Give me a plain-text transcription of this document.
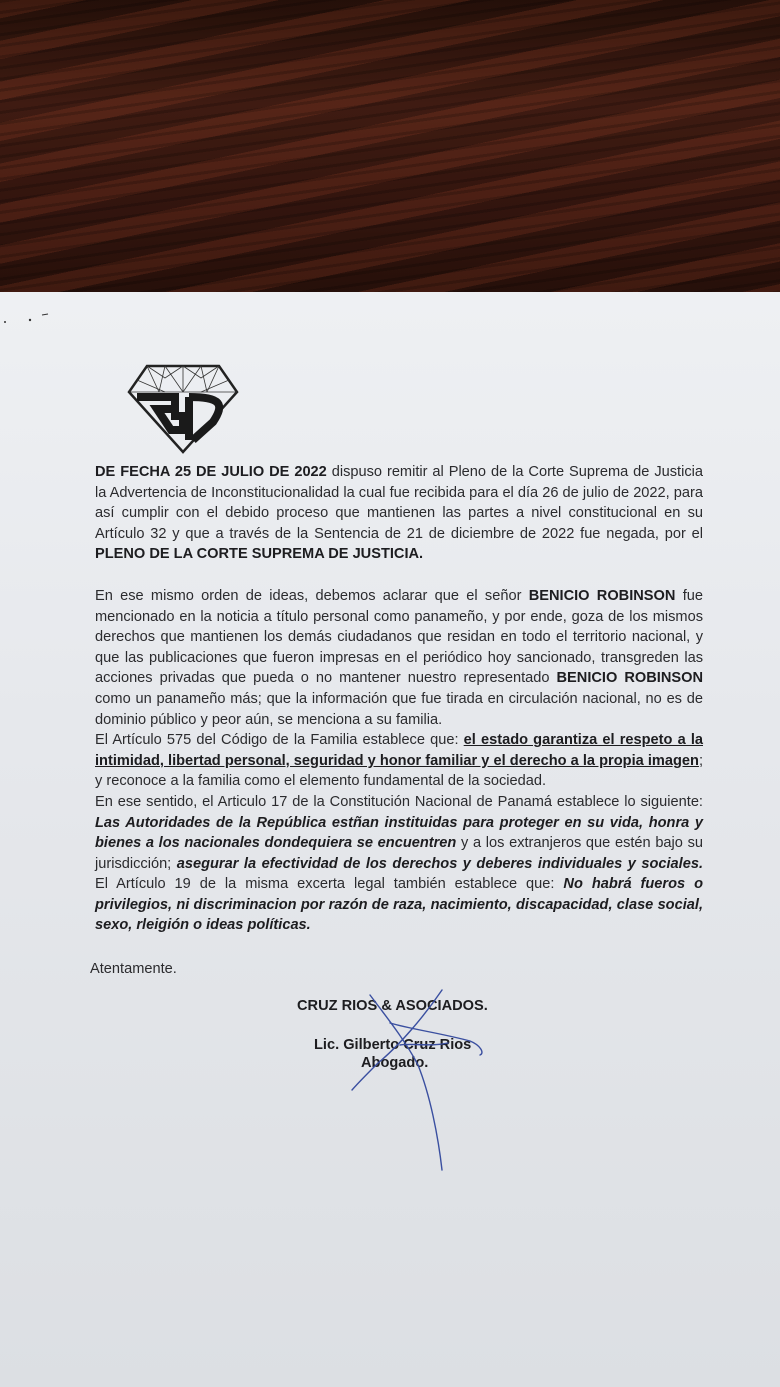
DE FECHA 25 DE JULIO DE 2022 dispuso remitir al Pleno de la Corte Suprema de Justicia la Advertencia de Inconstitucionalidad la cual fue recibida para el día 26 de julio de 2022, para así cumplir con el debido proceso que mantienen las partes a nivel constitucional en su Artículo 32 y que a través de la Sentencia de 21 de diciembre de 2022 fue negada, por el PLENO DE LA CORTE SUPREMA DE JUSTICIA.

En ese mismo orden de ideas, debemos aclarar que el señor BENICIO ROBINSON fue mencionado en la noticia a título personal como panameño, y por ende, goza de los mismos derechos que mantienen los demás ciudadanos que residan en todo el territorio nacional, y que las publicaciones que fueron impresas en el periódico hoy sancionado, transgreden las acciones privadas que pueda o no mantener nuestro representado BENICIO ROBINSON como un panameño más; que la información que fue tirada en circulación nacional, no es de dominio público y peor aún, se menciona a su familia.

El Artículo 575 del Código de la Familia establece que: el estado garantiza el respeto a la intimidad, libertad personal, seguridad y honor familiar y el derecho a la propia imagen; y reconoce a la familia como el elemento fundamental de la sociedad.

En ese sentido, el Articulo 17 de la Constitución Nacional de Panamá establece lo siguiente: Las Autoridades de la República estñan instituidas para proteger en su vida, honra y bienes a los nacionales dondequiera se encuentren y a los extranjeros que estén bajo su jurisdicción; asegurar la efectividad de los derechos y deberes individuales y sociales. El Artículo 19 de la misma excerta legal también establece que: No habrá fueros o privilegios, ni discriminacion por razón de raza, nacimiento, discapacidad, clase social, sexo, rleigión o ideas políticas.

Atentamente.
CRUZ RIOS & ASOCIADOS.
Lic. Gilberto Cruz Rios
Abogado.
